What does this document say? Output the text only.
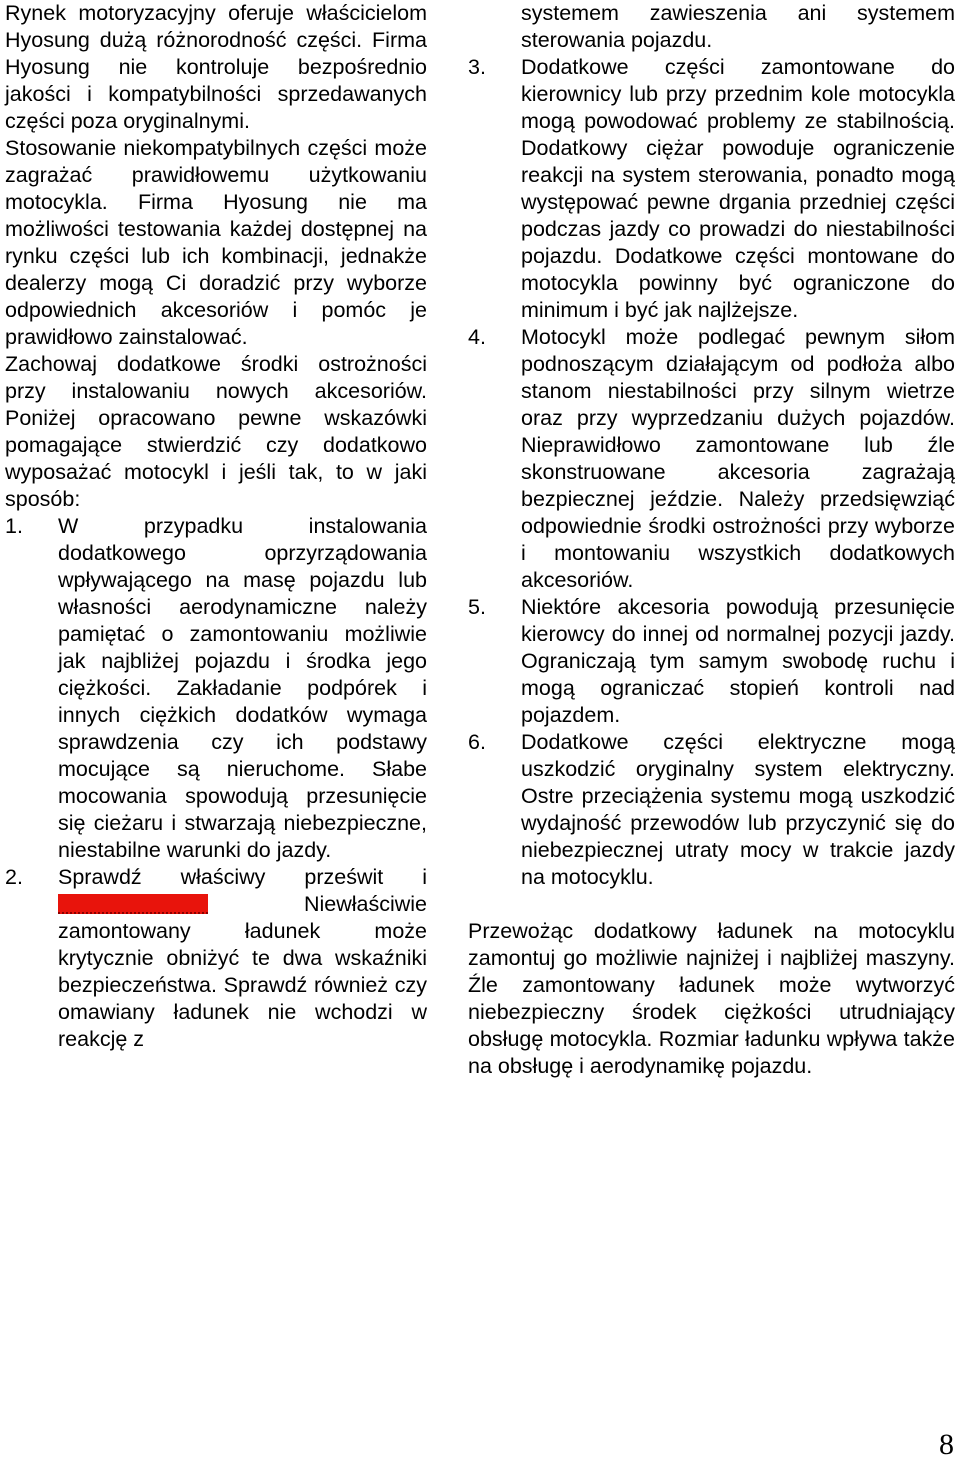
Rynek motoryzacyjny oferuje właścicielom Hyosung dużą różnorodność części. Firma Hyosung nie kontroluje bezpośrednio jakości i kompatybilności sprzedawanych części poza oryginalnymi.

Stosowanie niekompatybilnych części może zagrażać prawidłowemu użytkowaniu motocykla. Firma Hyosung nie ma możliwości testowania każdej dostępnej na rynku części lub ich kombinacji, jednakże dealerzy mogą Ci doradzić przy wyborze odpowiednich akcesoriów i pomóc je prawidłowo zainstalować.

Zachowaj dodatkowe środki ostrożności przy instalowaniu nowych akcesoriów. Poniżej opracowano pewne wskazówki pomagające stwierdzić czy dodatkowo wyposażać motocykl i jeśli tak, to w jaki sposób:

1.	W przypadku instalowania dodatkowego oprzyrządowania wpływającego na masę pojazdu lub własności aerodynamiczne należy pamiętać o zamontowaniu możliwie jak najbliżej pojazdu i środka jego ciężkości. Zakładanie podpórek i innych ciężkich dodatków wymaga sprawdzenia czy ich podstawy mocujące są nieruchome. Słabe mocowania spowodują przesunięcie się cieżaru i stwarzają niebezpieczne, niestabilne warunki do jazdy.
2.	Sprawdź właściwy prześwit i  Niewłaściwie zamontowany ładunek może krytycznie obniżyć te dwa wskaźniki bezpieczeństwa. Sprawdź również czy omawiany ładunek nie wchodzi w reakcję z
systemem zawieszenia ani systemem sterowania pojazdu.
3.	Dodatkowe części zamontowane do kierownicy lub przy przednim kole motocykla mogą powodować problemy ze stabilnością. Dodatkowy ciężar powoduje ograniczenie reakcji na system sterowania, ponadto mogą występować pewne drgania przedniej części podczas jazdy co prowadzi do niestabilności pojazdu. Dodatkowe części montowane do motocykla powinny być ograniczone do minimum i być jak najlżejsze.
4.	Motocykl może podlegać pewnym siłom podnoszącym działającym od podłoża albo stanom niestabilności przy silnym wietrze oraz przy wyprzedzaniu dużych pojazdów. Nieprawidłowo zamontowane lub źle skonstruowane akcesoria zagrażają bezpiecznej jeździe. Należy przedsięwziąć odpowiednie środki ostrożności przy wyborze i montowaniu wszystkich dodatkowych akcesoriów.
5.	Niektóre akcesoria powodują przesunięcie kierowcy do innej od normalnej pozycji jazdy. Ograniczają tym samym swobodę ruchu i mogą ograniczać stopień kontroli nad pojazdem.
6.	Dodatkowe części elektryczne mogą uszkodzić oryginalny system elektryczny. Ostre przeciążenia systemu mogą uszkodzić wydajność przewodów lub przyczynić się do niebezpiecznej utraty mocy w trakcie jazdy na motocyklu.

Przewożąc dodatkowy ładunek na motocyklu zamontuj go możliwie najniżej i najbliżej maszyny. Źle zamontowany ładunek może wytworzyć niebezpieczny środek ciężkości utrudniający obsługę motocykla. Rozmiar ładunku wpływa także na obsługę i aerodynamikę pojazdu.

8
